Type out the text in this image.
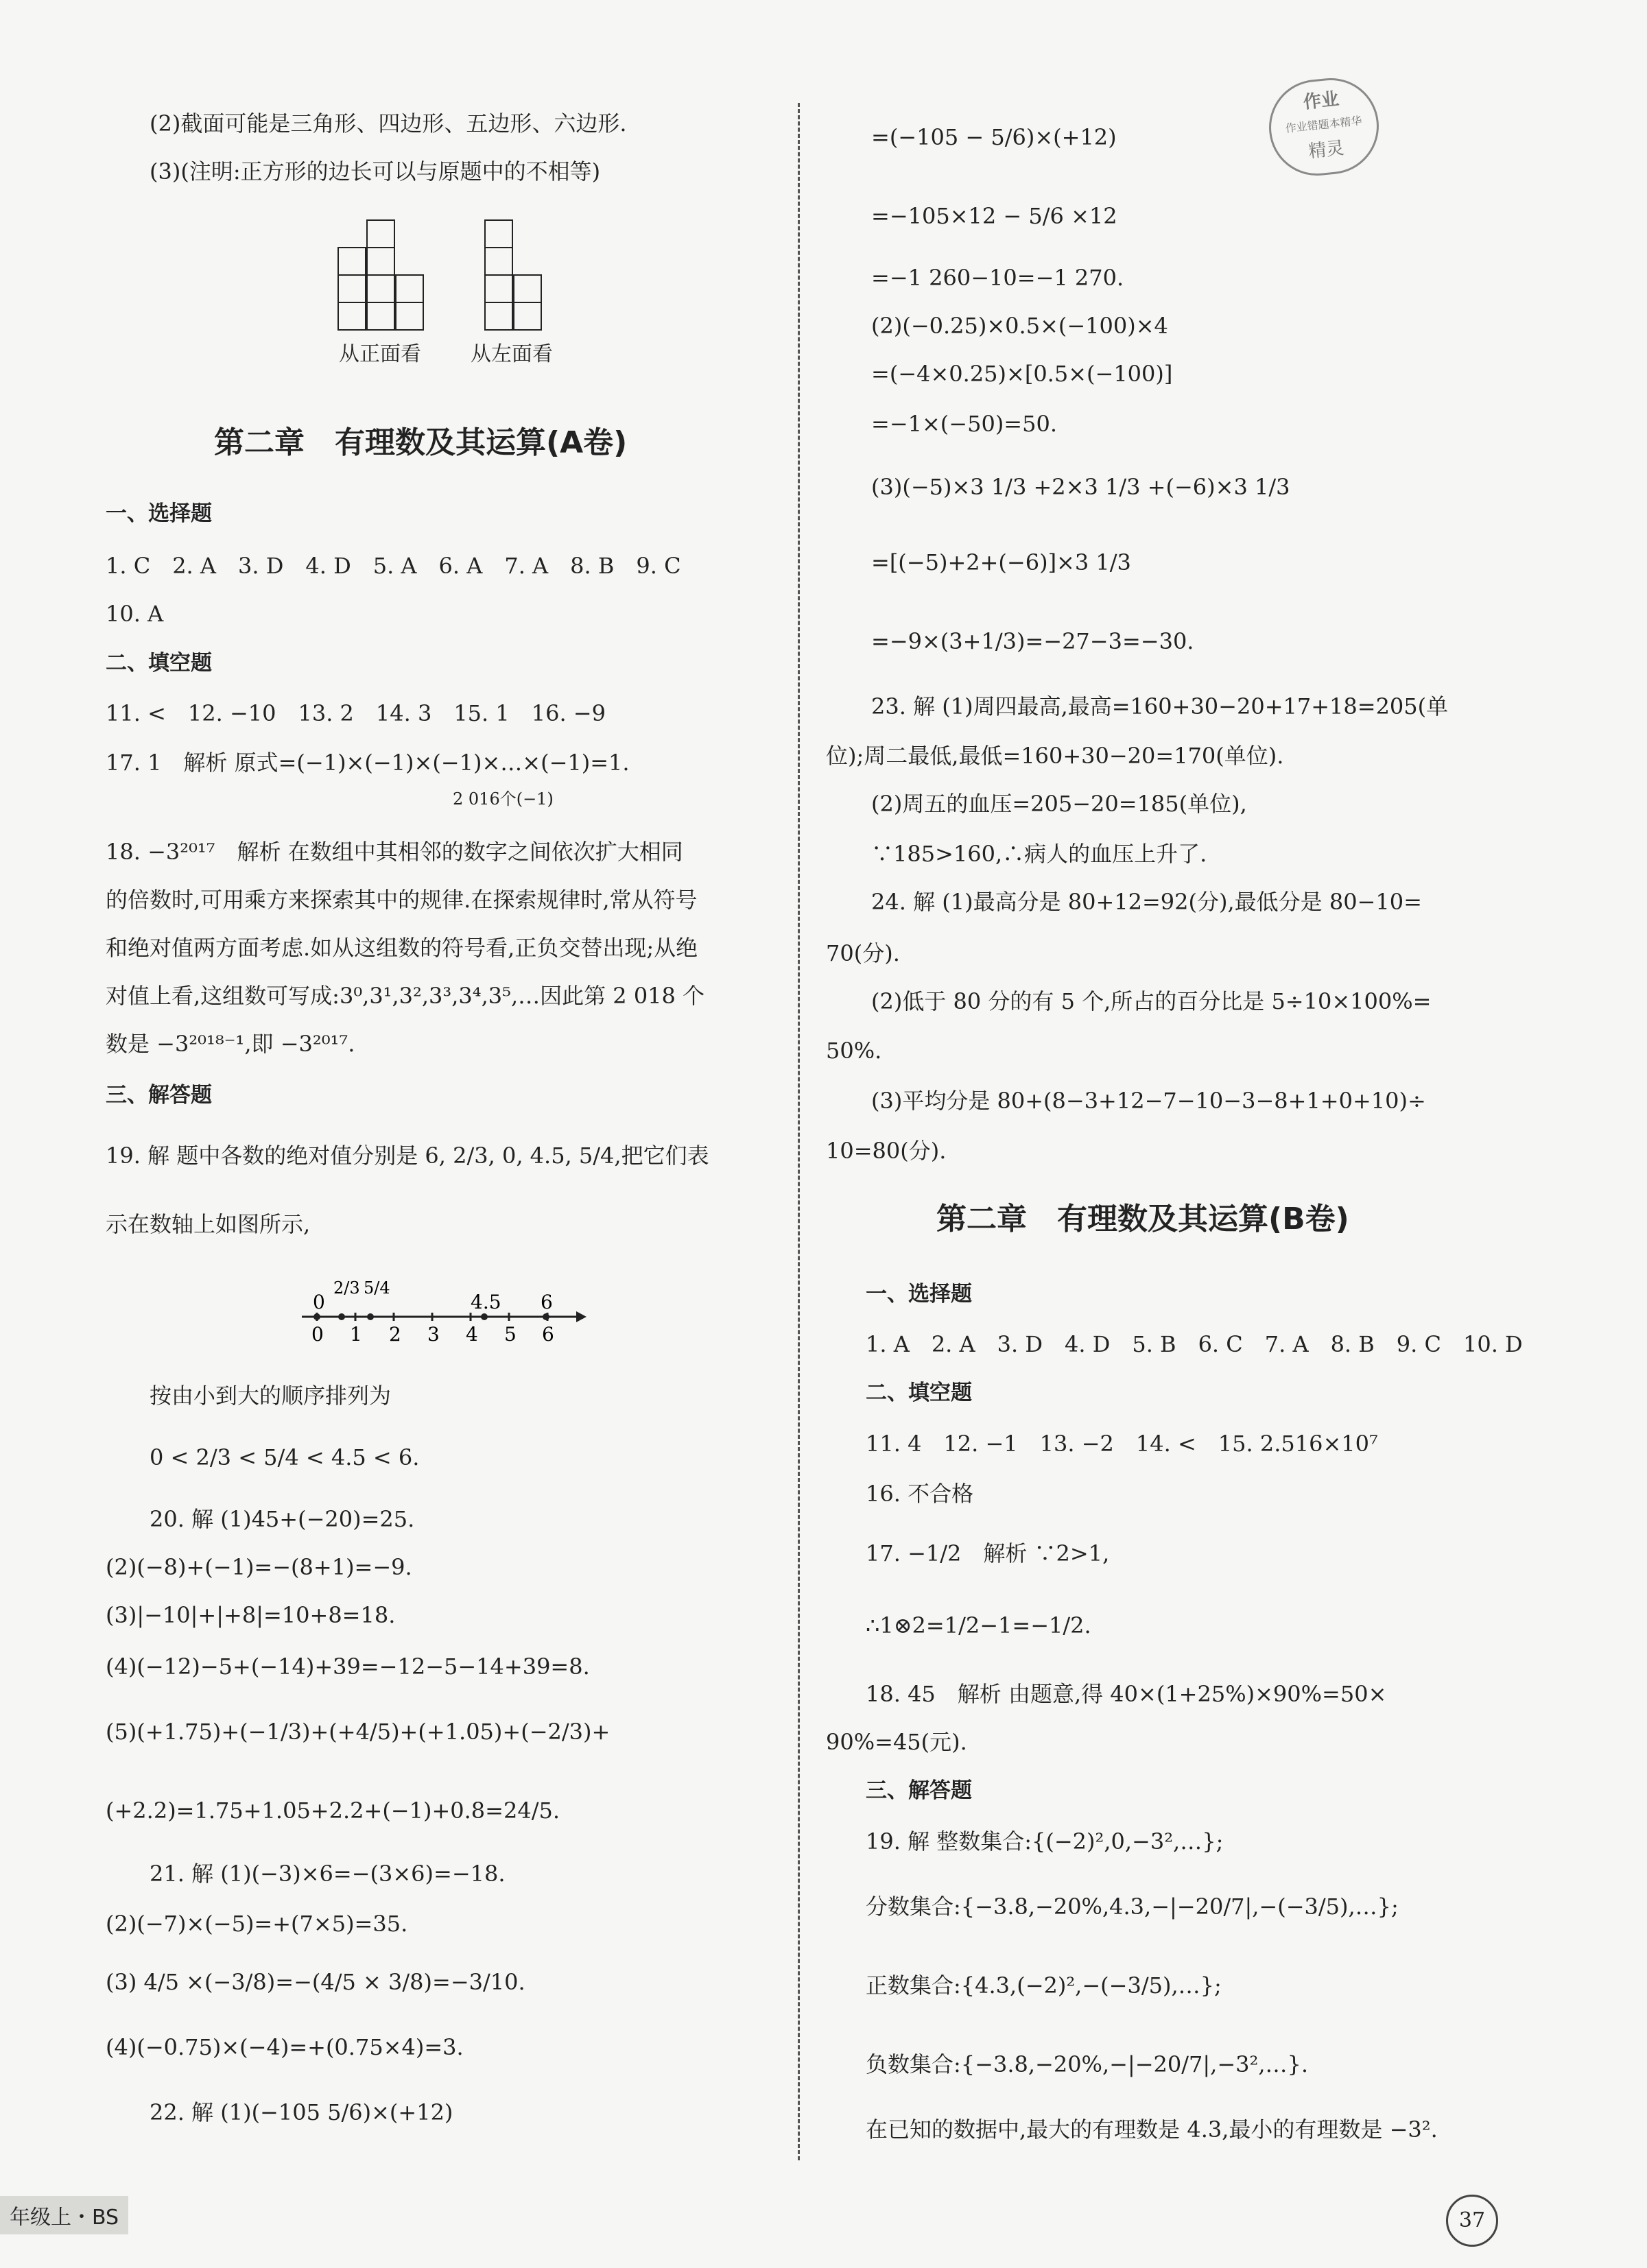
(2)截面可能是三角形、四边形、五边形、六边形.
(3)(注明:正方形的边长可以与原题中的不相等)
从正面看 从左面看
第二章　有理数及其运算(A卷)
一、选择题
1. C　2. A　3. D　4. D　5. A　6. A　7. A　8. B　9. C
10. A
二、填空题
11. <　12. −10　13. 2　14. 3　15. 1　16. −9
17. 1　解析 原式=(−1)×(−1)×(−1)×…×(−1)=1.
2 016个(−1)
18. −3²⁰¹⁷　解析 在数组中其相邻的数字之间依次扩大相同
的倍数时,可用乘方来探索其中的规律.在探索规律时,常从符号
和绝对值两方面考虑.如从这组数的符号看,正负交替出现;从绝
对值上看,这组数可写成:3⁰,3¹,3²,3³,3⁴,3⁵,…因此第 2 018 个
数是 −3²⁰¹⁸⁻¹,即 −3²⁰¹⁷.
三、解答题
19. 解 题中各数的绝对值分别是 6, 2/3, 0, 4.5, 5/4,把它们表
示在数轴上如图所示,
0
2/3 5/4
4.5 6
0 1 2 3 4 5 6
按由小到大的顺序排列为
0 < 2/3 < 5/4 < 4.5 < 6.
20. 解 (1)45+(−20)=25.
(2)(−8)+(−1)=−(8+1)=−9.
(3)|−10|+|+8|=10+8=18.
(4)(−12)−5+(−14)+39=−12−5−14+39=8.
(5)(+1.75)+(−1/3)+(+4/5)+(+1.05)+(−2/3)+
(+2.2)=1.75+1.05+2.2+(−1)+0.8=24/5.
21. 解 (1)(−3)×6=−(3×6)=−18.
(2)(−7)×(−5)=+(7×5)=35.
(3) 4/5 ×(−3/8)=−(4/5 × 3/8)=−3/10.
(4)(−0.75)×(−4)=+(0.75×4)=3.
22. 解 (1)(−105 5/6)×(+12)
=(−105 − 5/6)×(+12)
=−105×12 − 5/6 ×12
=−1 260−10=−1 270.
(2)(−0.25)×0.5×(−100)×4
=(−4×0.25)×[0.5×(−100)]
=−1×(−50)=50.
(3)(−5)×3 1/3 +2×3 1/3 +(−6)×3 1/3
=[(−5)+2+(−6)]×3 1/3
=−9×(3+1/3)=−27−3=−30.
23. 解 (1)周四最高,最高=160+30−20+17+18=205(单
位);周二最低,最低=160+30−20=170(单位).
(2)周五的血压=205−20=185(单位),
∵185>160,∴病人的血压上升了.
24. 解 (1)最高分是 80+12=92(分),最低分是 80−10=
70(分).
(2)低于 80 分的有 5 个,所占的百分比是 5÷10×100%=
50%.
(3)平均分是 80+(8−3+12−7−10−3−8+1+0+10)÷
10=80(分).
第二章　有理数及其运算(B卷)
一、选择题
1. A　2. A　3. D　4. D　5. B　6. C　7. A　8. B　9. C　10. D
二、填空题
11. 4　12. −1　13. −2　14. <　15. 2.516×10⁷
16. 不合格
17. −1/2　解析 ∵2>1,
∴1⊗2=1/2−1=−1/2.
18. 45　解析 由题意,得 40×(1+25%)×90%=50×
90%=45(元).
三、解答题
19. 解 整数集合:{(−2)²,0,−3²,…};
分数集合:{−3.8,−20%,4.3,−|−20/7|,−(−3/5),…};
正数集合:{4.3,(−2)²,−(−3/5),…};
负数集合:{−3.8,−20%,−|−20/7|,−3²,…}.
在已知的数据中,最大的有理数是 4.3,最小的有理数是 −3².
作业
作业错题本精华
精灵
年级上・BS	37
